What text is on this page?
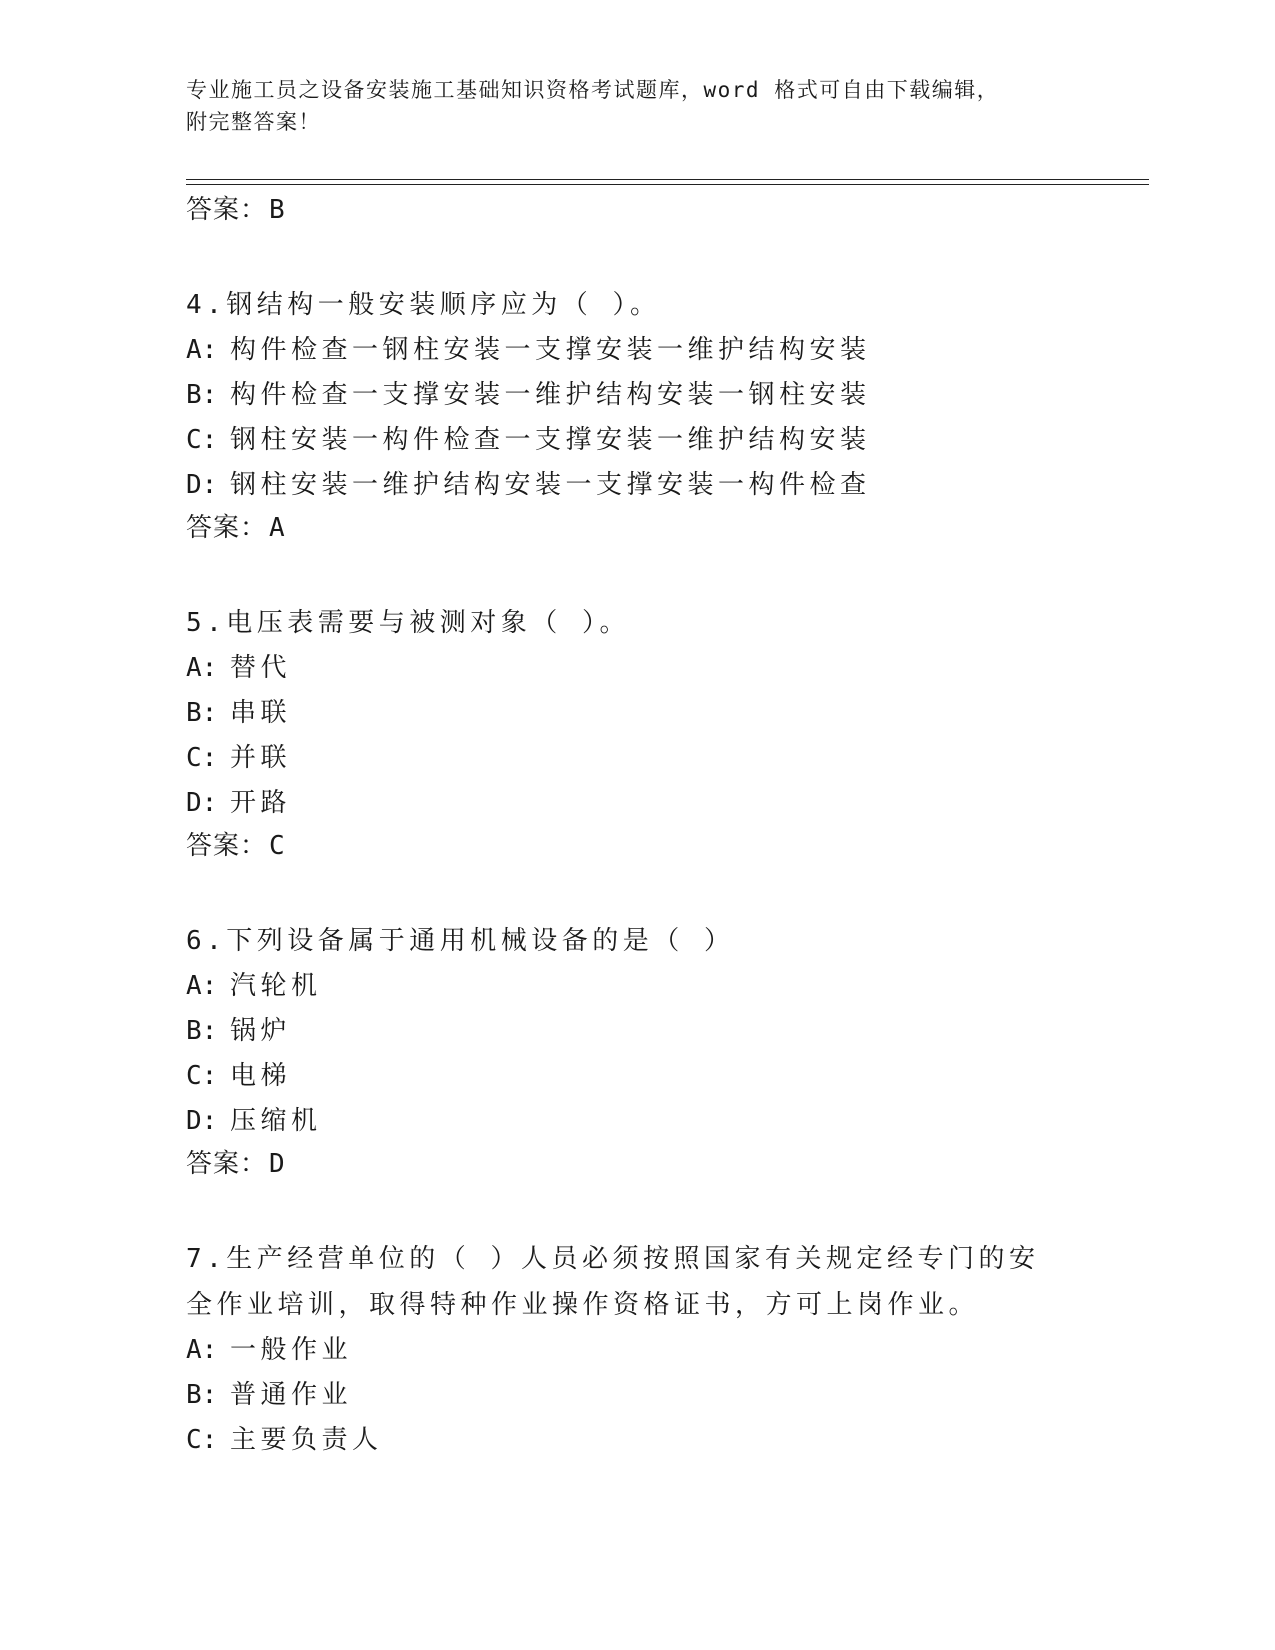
专业施工员之设备安装施工基础知识资格考试题库，word 格式可自由下载编辑，
附完整答案！

答案：B

4.钢结构一般安装顺序应为（ ）。

A: 构件检查一钢柱安装一支撑安装一维护结构安装

B: 构件检查一支撑安装一维护结构安装一钢柱安装

C: 钢柱安装一构件检查一支撑安装一维护结构安装

D: 钢柱安装一维护结构安装一支撑安装一构件检查

答案：A

5.电压表需要与被测对象（ ）。

A: 替代

B: 串联

C: 并联

D: 开路

答案：C

6.下列设备属于通用机械设备的是（ ）

A: 汽轮机

B: 锅炉

C: 电梯

D: 压缩机

答案：D

7.生产经营单位的（ ）人员必须按照国家有关规定经专门的安全作业培训，取得特种作业操作资格证书，方可上岗作业。

A: 一般作业

B: 普通作业

C: 主要负责人
